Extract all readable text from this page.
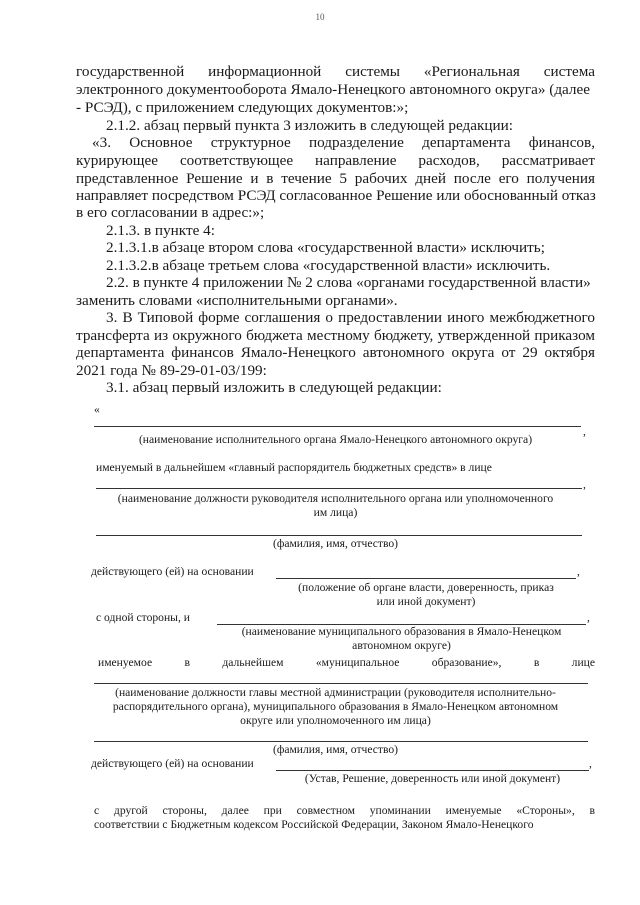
10
государственной информационной системы «Региональная система
электронного документооборота Ямало-Ненецкого автономного округа» (далее
- РСЭД), с приложением следующих документов:»;
2.1.2. абзац первый пункта 3 изложить в следующей редакции:
«3. Основное структурное подразделение департамента финансов,
курирующее соответствующее направление расходов, рассматривает
представленное Решение и в течение 5 рабочих дней после его получения
направляет посредством РСЭД согласованное Решение или обоснованный отказ
в его согласовании в адрес:»;
2.1.3. в пункте 4:
2.1.3.1.в абзаце втором слова «государственной власти» исключить;
2.1.3.2.в абзаце третьем слова «государственной власти» исключить.
2.2. в пункте 4 приложении № 2 слова «органами государственной власти»
заменить словами «исполнительными органами».
3. В Типовой форме соглашения о предоставлении иного межбюджетного
трансферта из окружного бюджета местному бюджету, утвержденной приказом
департамента финансов Ямало-Ненецкого автономного округа от 29 октября
2021 года № 89-29-01-03/199:
3.1. абзац первый изложить в следующей редакции:
«
,
(наименование исполнительного органа Ямало-Ненецкого автономного округа)
именуемый в дальнейшем «главный распорядитель бюджетных средств» в лице
,
(наименование должности руководителя исполнительного органа или уполномоченного
им лица)
(фамилия, имя, отчество)
действующего (ей) на основании	,
(положение об органе власти, доверенность, приказ
или иной документ)
с одной стороны, и	,
(наименование муниципального образования в Ямало-Ненецком
автономном округе)
именуемое	в	дальнейшем	«муниципальное	образование»,	в	лице
(наименование должности главы местной администрации (руководителя исполнительно-
распорядительного органа), муниципального образования в Ямало-Ненецком автономном
округе или уполномоченного им лица)
(фамилия, имя, отчество)
действующего (ей) на основании	,
(Устав, Решение, доверенность или иной документ)
с другой стороны, далее при совместном упоминании именуемые «Стороны», в
соответствии с Бюджетным кодексом Российской Федерации, Законом Ямало-Ненецкого
